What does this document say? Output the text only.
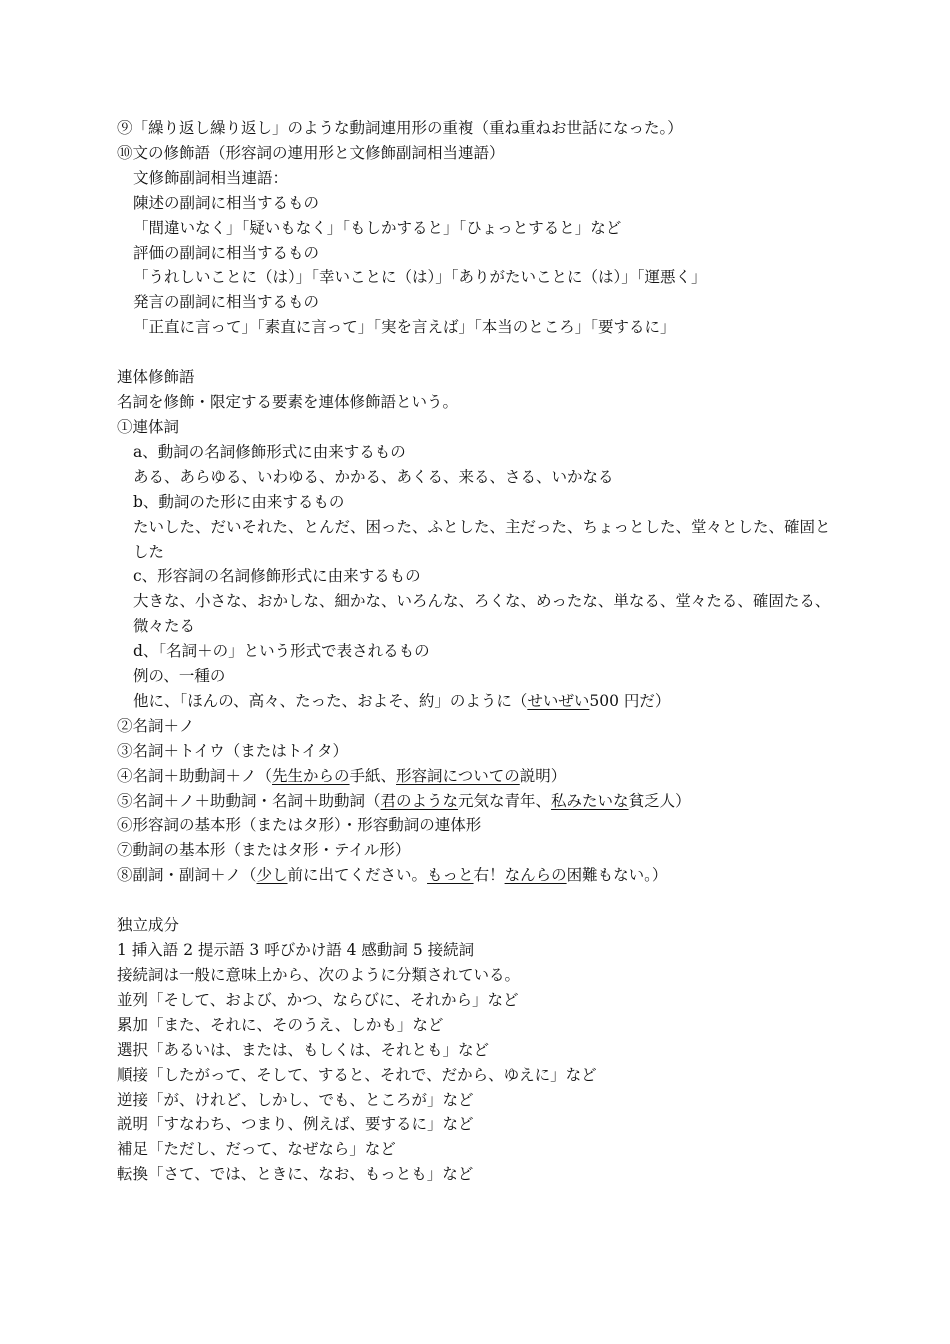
⑨「繰り返し繰り返し」のような動詞連用形の重複（重ね重ねお世話になった。）

⑩文の修飾語（形容詞の連用形と文修飾副詞相当連語）

文修飾副詞相当連語：

陳述の副詞に相当するもの

「間違いなく」「疑いもなく」「もしかすると」「ひょっとすると」など

評価の副詞に相当するもの

「うれしいことに（は）」「幸いことに（は）」「ありがたいことに（は）」「運悪く」

発言の副詞に相当するもの

「正直に言って」「素直に言って」「実を言えば」「本当のところ」「要するに」

連体修飾語

名詞を修飾・限定する要素を連体修飾語という。

①連体詞

a、動詞の名詞修飾形式に由来するもの

ある、あらゆる、いわゆる、かかる、あくる、来る、さる、いかなる

b、動詞のた形に由来するもの

たいした、だいそれた、とんだ、困った、ふとした、主だった、ちょっとした、堂々とした、確固とした

c、形容詞の名詞修飾形式に由来するもの

大きな、小さな、おかしな、細かな、いろんな、ろくな、めったな、単なる、堂々たる、確固たる、微々たる

d、「名詞＋の」という形式で表されるもの

例の、一種の

他に、「ほんの、高々、たった、およそ、約」のように（せいぜい500 円だ）

②名詞＋ノ

③名詞＋トイウ（またはトイタ）

④名詞＋助動詞＋ノ（先生からの手紙、形容詞についての説明）

⑤名詞＋ノ＋助動詞・名詞＋助動詞（君のような元気な青年、私みたいな貧乏人）

⑥形容詞の基本形（またはタ形）・形容動詞の連体形

⑦動詞の基本形（またはタ形・テイル形）

⑧副詞・副詞＋ノ（少し前に出てください。もっと右！なんらの困難もない。）

独立成分

1 挿入語 2 提示語 3 呼びかけ語 4 感動詞 5 接続詞

接続詞は一般に意味上から、次のように分類されている。

並列「そして、および、かつ、ならびに、それから」など

累加「また、それに、そのうえ、しかも」など

選択「あるいは、または、もしくは、それとも」など

順接「したがって、そして、すると、それで、だから、ゆえに」など

逆接「が、けれど、しかし、でも、ところが」など

説明「すなわち、つまり、例えば、要するに」など

補足「ただし、だって、なぜなら」など

転換「さて、では、ときに、なお、もっとも」など
